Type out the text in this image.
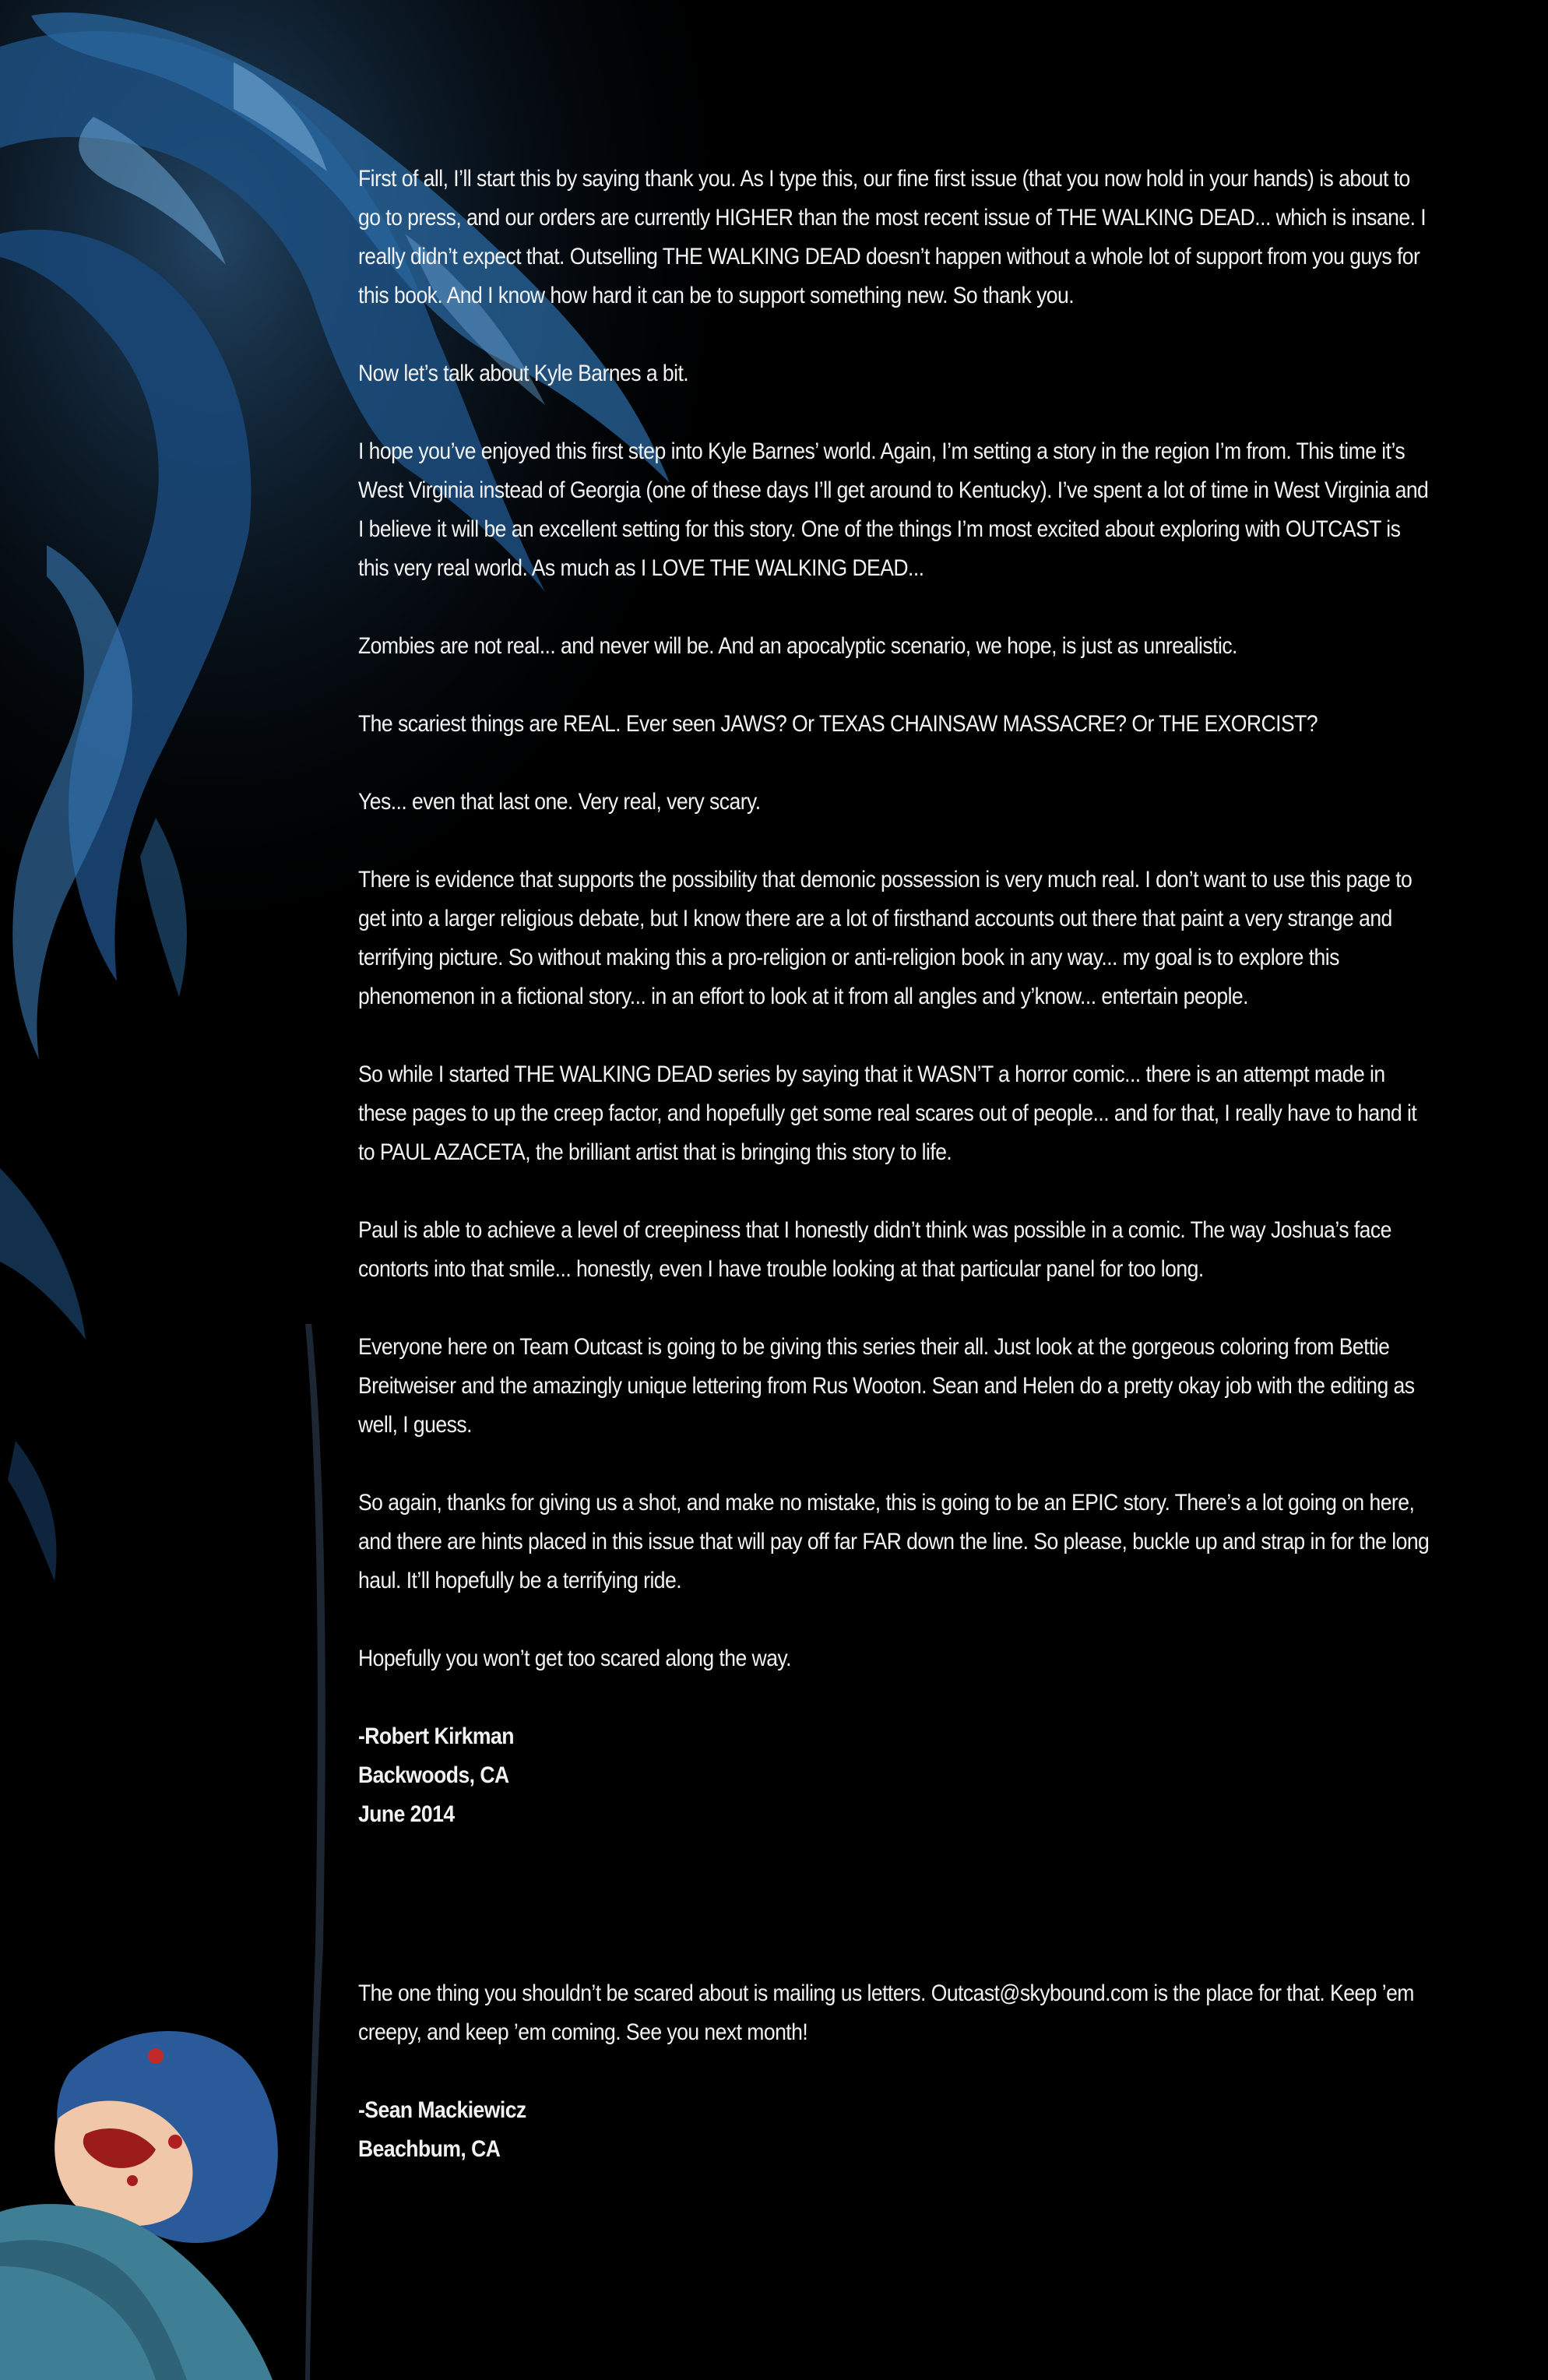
First of all, I’ll start this by saying thank you. As I type this, our fine first issue (that you now hold in your hands) is about to go to press, and our orders are currently HIGHER than the most recent issue of THE WALKING DEAD... which is insane. I really didn’t expect that. Outselling THE WALKING DEAD doesn’t happen without a whole lot of support from you guys for this book. And I know how hard it can be to support something new. So thank you.

Now let’s talk about Kyle Barnes a bit.

I hope you’ve enjoyed this first step into Kyle Barnes’ world. Again, I’m setting a story in the region I’m from. This time it’s West Virginia instead of Georgia (one of these days I’ll get around to Kentucky). I’ve spent a lot of time in West Virginia and I believe it will be an excellent setting for this story. One of the things I’m most excited about exploring with OUTCAST is this very real world. As much as I LOVE THE WALKING DEAD...

Zombies are not real... and never will be. And an apocalyptic scenario, we hope, is just as unrealistic.

The scariest things are REAL. Ever seen JAWS? Or TEXAS CHAINSAW MASSACRE? Or THE EXORCIST?

Yes... even that last one. Very real, very scary.

There is evidence that supports the possibility that demonic possession is very much real. I don’t want to use this page to get into a larger religious debate, but I know there are a lot of firsthand accounts out there that paint a very strange and terrifying picture. So without making this a pro-religion or anti-religion book in any way... my goal is to explore this phenomenon in a fictional story... in an effort to look at it from all angles and y’know... entertain people.

So while I started THE WALKING DEAD series by saying that it WASN’T a horror comic... there is an attempt made in these pages to up the creep factor, and hopefully get some real scares out of people... and for that, I really have to hand it to PAUL AZACETA, the brilliant artist that is bringing this story to life.

Paul is able to achieve a level of creepiness that I honestly didn’t think was possible in a comic. The way Joshua’s face contorts into that smile... honestly, even I have trouble looking at that particular panel for too long.

Everyone here on Team Outcast is going to be giving this series their all. Just look at the gorgeous coloring from Bettie Breitweiser and the amazingly unique lettering from Rus Wooton. Sean and Helen do a pretty okay job with the editing as well, I guess.

So again, thanks for giving us a shot, and make no mistake, this is going to be an EPIC story. There’s a lot going on here, and there are hints placed in this issue that will pay off far FAR down the line. So please, buckle up and strap in for the long haul. It’ll hopefully be a terrifying ride.

Hopefully you won’t get too scared along the way.

-Robert Kirkman
Backwoods, CA
June 2014

The one thing you shouldn’t be scared about is mailing us letters. Outcast@skybound.com is the place for that. Keep ’em creepy, and keep ’em coming. See you next month!

-Sean Mackiewicz
Beachbum, CA
